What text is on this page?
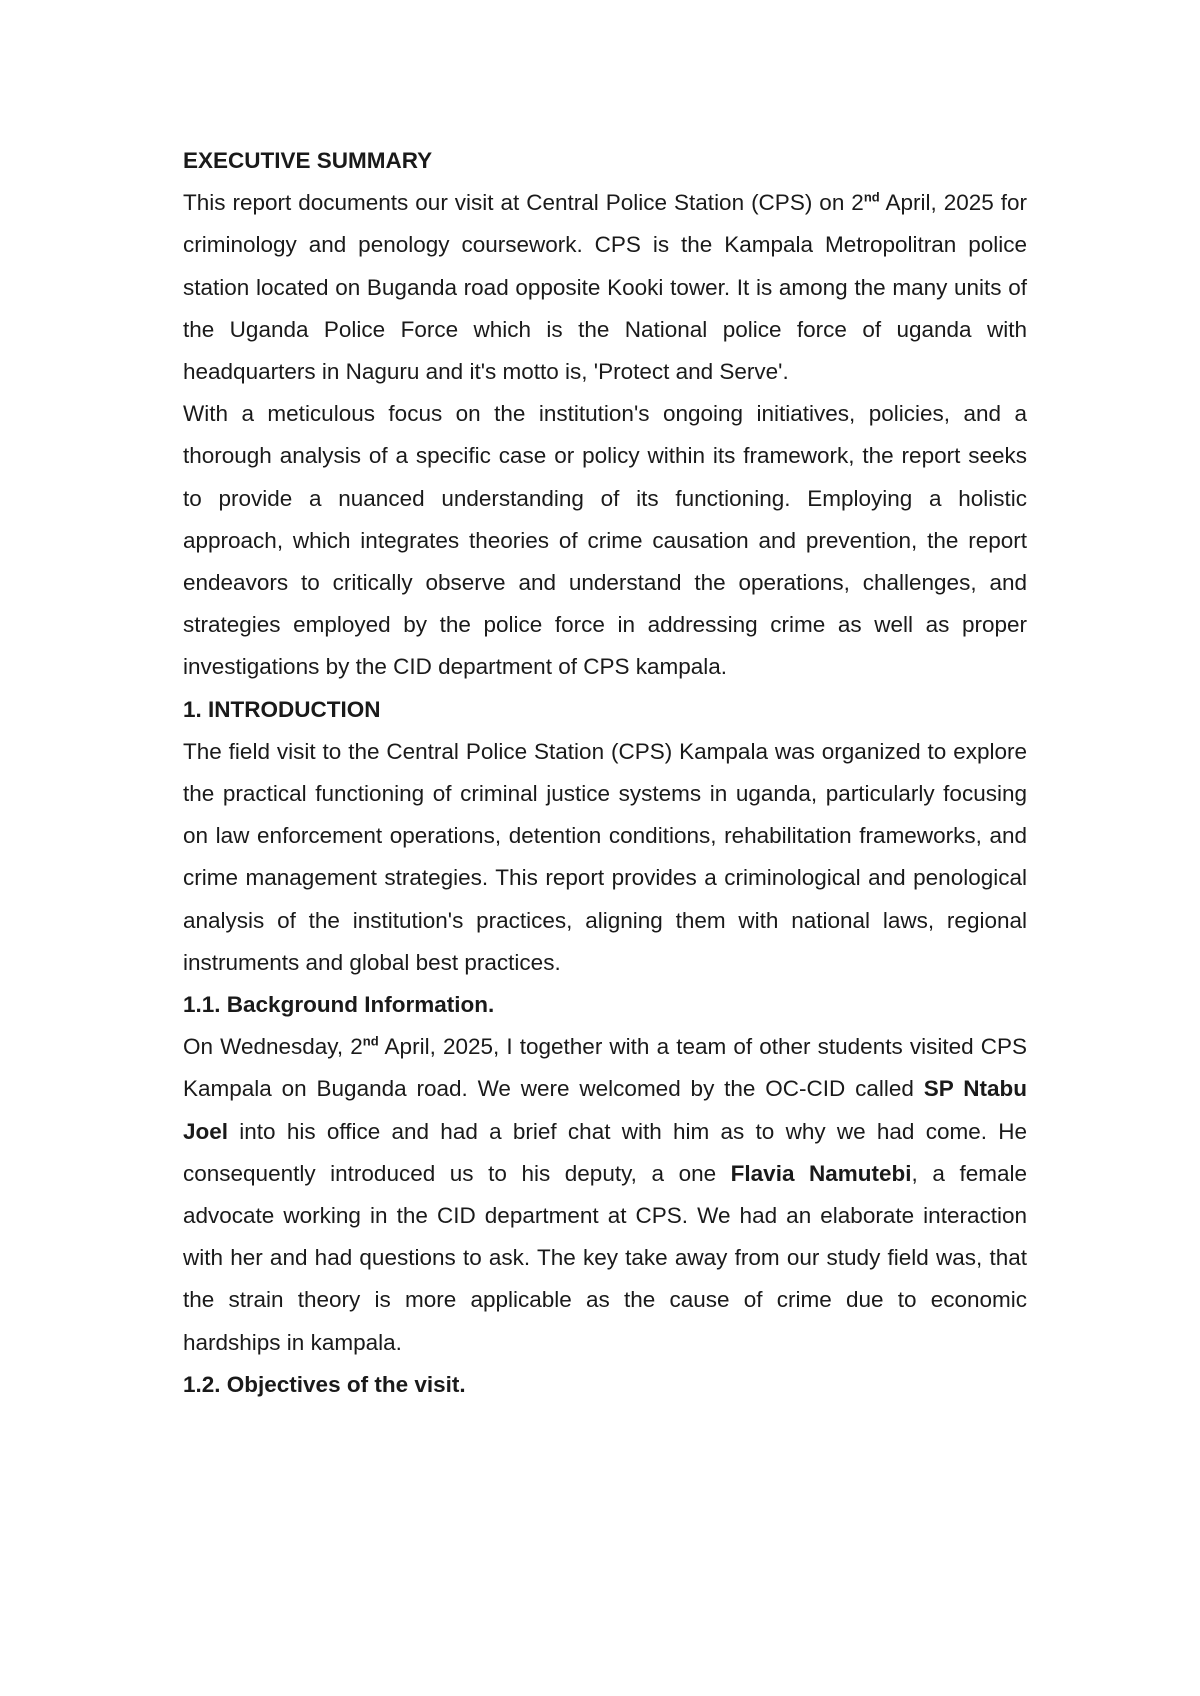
EXECUTIVE SUMMARY

This report documents our visit at Central Police Station (CPS) on 2nd April, 2025 for criminology and penology coursework. CPS is the Kampala Metropolitran police station located on Buganda road opposite Kooki tower. It is among the many units of the Uganda Police Force which is the National police force of uganda with headquarters in Naguru and it's motto is, 'Protect and Serve'.

With a meticulous focus on the institution's ongoing initiatives, policies, and a thorough analysis of a specific case or policy within its framework, the report seeks to provide a nuanced understanding of its functioning. Employing a holistic approach, which integrates theories of crime causation and prevention, the report endeavors to critically observe and understand the operations, challenges, and strategies employed by the police force in addressing crime as well as proper investigations by the CID department of CPS kampala.

1. INTRODUCTION

The field visit to the Central Police Station (CPS) Kampala was organized to explore the practical functioning of criminal justice systems in uganda, particularly focusing on law enforcement operations, detention conditions, rehabilitation frameworks, and crime management strategies. This report provides a criminological and penological analysis of the institution's practices, aligning them with national laws, regional instruments and global best practices.

1.1. Background Information.

On Wednesday, 2nd April, 2025, I together with a team of other students visited CPS Kampala on Buganda road. We were welcomed by the OC-CID called SP Ntabu Joel into his office and had a brief chat with him as to why we had come. He consequently introduced us to his deputy, a one Flavia Namutebi, a female advocate working in the CID department at CPS. We had an elaborate interaction with her and had questions to ask. The key take away from our study field was, that the strain theory is more applicable as the cause of crime due to economic hardships in kampala.

1.2. Objectives of the visit.
